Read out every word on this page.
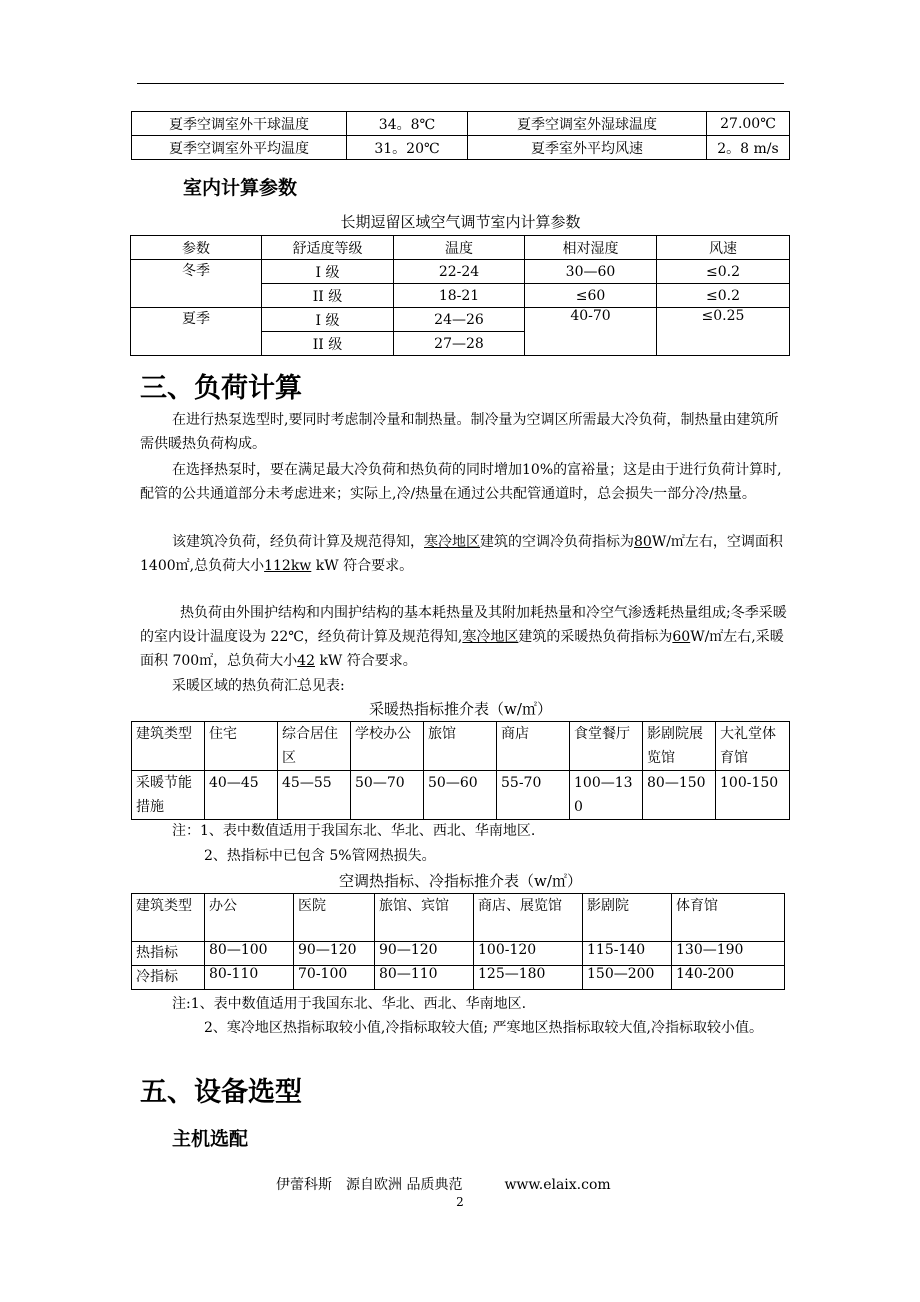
夏季空调室外干球温度	34。8℃	夏季空调室外湿球温度	27.00℃
夏季空调室外平均温度	31。20℃	夏季室外平均风速	2。8 m/s
室内计算参数
长期逗留区域空气调节室内计算参数
参数	舒适度等级	温度	相对湿度	风速
冬季	I 级	22-24	30—60	≤0.2
	II 级	18-21	≤60	≤0.2
夏季	I 级	24—26	40-70	≤0.25
	II 级	27—28		
三、负荷计算

在进行热泵选型时,要同时考虑制冷量和制热量。制冷量为空调区所需最大冷负荷，制热量由建筑所需供暖热负荷构成。

在选择热泵时，要在满足最大冷负荷和热负荷的同时增加10%的富裕量；这是由于进行负荷计算时,配管的公共通道部分未考虑进来；实际上,冷/热量在通过公共配管通道时，总会损失一部分冷/热量。

该建筑冷负荷，经负荷计算及规范得知，寒冷地区建筑的空调冷负荷指标为80W/㎡左右，空调面积 1400㎡,总负荷大小112kw kW 符合要求。

热负荷由外围护结构和内围护结构的基本耗热量及其附加耗热量和冷空气渗透耗热量组成;冬季采暖的室内设计温度设为 22℃，经负荷计算及规范得知,寒冷地区建筑的采暖热负荷指标为60W/㎡左右,采暖面积 700㎡，总负荷大小42 kW 符合要求。

采暖区域的热负荷汇总见表:

采暖热指标推介表（w/㎡）
建筑类型	住宅	综合居住区	学校办公	旅馆	商店	食堂餐厅	影剧院展览馆	大礼堂体育馆
采暖节能措施	40—45	45—55	50—70	50—60	55-70	100—130	80—150	100-150
注：1、表中数值适用于我国东北、华北、西北、华南地区.
2、热指标中已包含 5%管网热损失。
空调热指标、冷指标推介表（w/㎡）
建筑类型	办公	医院	旅馆、宾馆	商店、展览馆	影剧院	体育馆
热指标	80—100	90—120	90—120	100-120	115-140	130—190
冷指标	80-110	70-100	80—110	125—180	150—200	140-200
注:1、表中数值适用于我国东北、华北、西北、华南地区.

2、寒冷地区热指标取较小值,冷指标取较大值; 严寒地区热指标取较大值,冷指标取较小值。

五、设备选型
主机选配
伊蕾科斯　源自欧洲 品质典范　　　www.elaix.com
2
